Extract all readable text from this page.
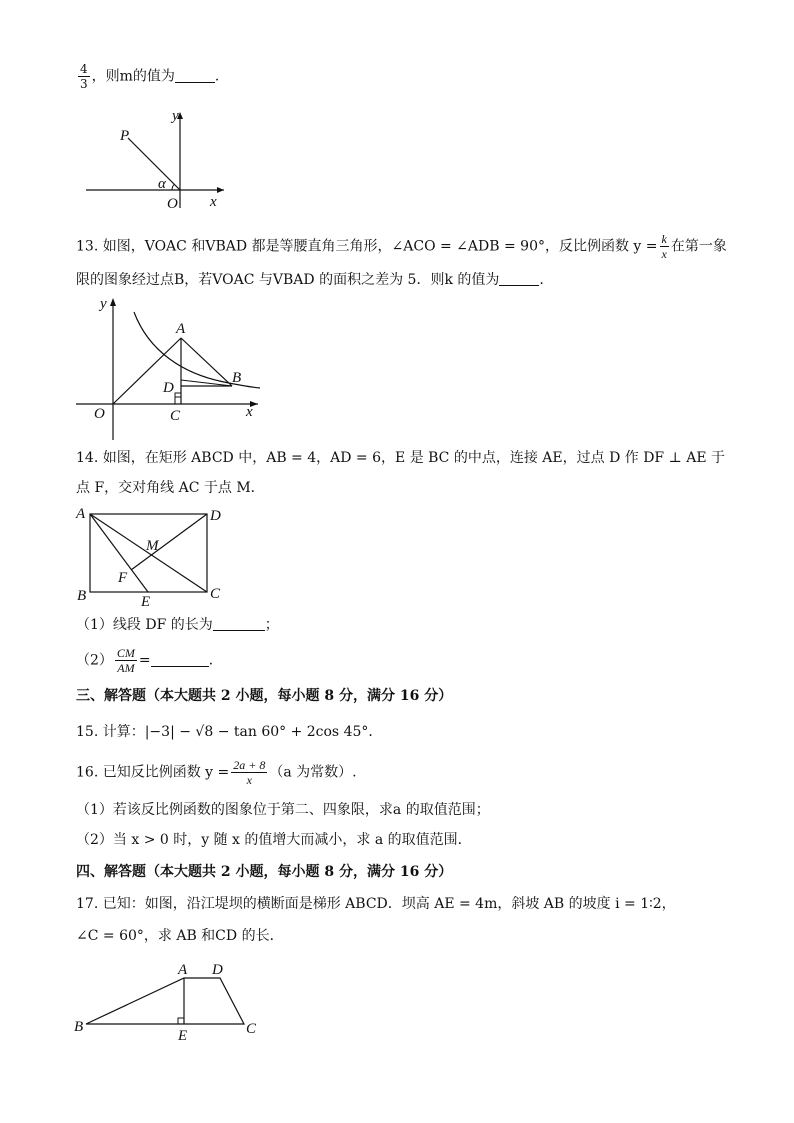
$\frac{4}{3}$ ，则m的值为	.
P
y
α
O x
13. 如图，VOAC 和VBAD 都是等腰直角三角形，∠ACO = ∠ADB = 90°，反比例函数 $y = \frac{k}{x}$ 在第一象
限的图象经过点B，若VOAC 与VBAD 的面积之差为 5．则k 的值为	.
y
A
B
D
O	C	x
14. 如图，在矩形 ABCD 中，AB = 4，AD = 6，E 是 BC 的中点，连接 AE，过点 D 作 DF ⊥ AE 于
点 F，交对角线 AC 于点 M．
A	D
M
F
B	E	C
（1）线段 DF 的长为	；
$(2) \frac{CM}{AM}$ =	.
三、解答题（本大题共 2 小题，每小题 8 分，满分 16 分）
15. 计算：|−3| − √8 − tan 60° + 2cos 45°．
16. 已知反比例函数 $y = \frac{2a + 8}{x} (a$ 为常数）.
（1）若该反比例函数的图象位于第二、四象限，求a 的取值范围；
（2）当 x > 0 时，y 随 x 的值增大而减小，求 a 的取值范围．
四、解答题（本大题共 2 小题，每小题 8 分，满分 16 分）
17. 已知：如图，沿江堤坝的横断面是梯形 ABCD．坝高 AE = 4m，斜坡 AB 的坡度 i = 1∶2，
∠C = 60°，求 AB 和CD 的长．
A D
B
E	C
